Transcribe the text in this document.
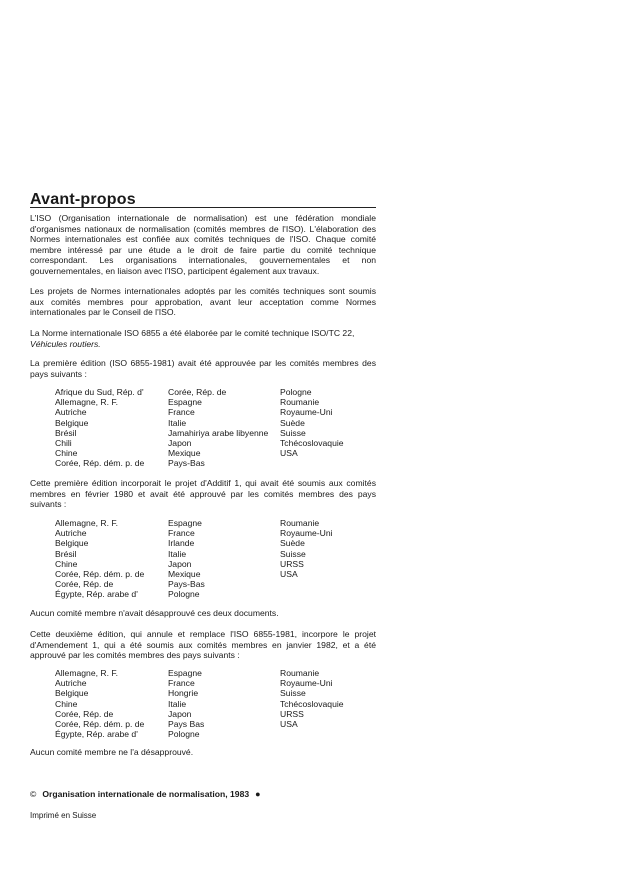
Avant-propos

L'ISO (Organisation internationale de normalisation) est une fédération mondiale d'organismes nationaux de normalisation (comités membres de l'ISO). L'élaboration des Normes internationales est confiée aux comités techniques de l'ISO. Chaque comité membre intéressé par une étude a le droit de faire partie du comité technique correspondant. Les organisations internationales, gouvernementales et non gouvernementales, en liaison avec l'ISO, participent également aux travaux.

Les projets de Normes internationales adoptés par les comités techniques sont soumis aux comités membres pour approbation, avant leur acceptation comme Normes internationales par le Conseil de l'ISO.

La Norme internationale ISO 6855 a été élaborée par le comité technique ISO/TC 22,
Véhicules routiers.

La première édition (ISO 6855-1981) avait été approuvée par les comités membres des pays suivants :

Afrique du Sud, Rép. d'	Corée, Rép. de	Pologne
Allemagne, R. F.	Espagne	Roumanie
Autriche	France	Royaume-Uni
Belgique	Italie	Suède
Brésil	Jamahiriya arabe libyenne	Suisse
Chili	Japon	Tchécoslovaquie
Chine	Mexique	USA
Corée, Rép. dém. p. de	Pays-Bas

Cette première édition incorporait le projet d'Additif 1, qui avait été soumis aux comités membres en février 1980 et avait été approuvé par les comités membres des pays suivants :

Allemagne, R. F.	Espagne	Roumanie
Autriche	France	Royaume-Uni
Belgique	Irlande	Suède
Brésil	Italie	Suisse
Chine	Japon	URSS
Corée, Rép. dém. p. de	Mexique	USA
Corée, Rép. de	Pays-Bas
Égypte, Rép. arabe d'	Pologne

Aucun comité membre n'avait désapprouvé ces deux documents.

Cette deuxième édition, qui annule et remplace l'ISO 6855-1981, incorpore le projet d'Amendement 1, qui a été soumis aux comités membres en janvier 1982, et a été approuvé par les comités membres des pays suivants :

Allemagne, R. F.	Espagne	Roumanie
Autriche	France	Royaume-Uni
Belgique	Hongrie	Suisse
Chine	Italie	Tchécoslovaquie
Corée, Rép. de	Japon	URSS
Corée, Rép. dém. p. de	Pays Bas	USA
Égypte, Rép. arabe d'	Pologne

Aucun comité membre ne l'a désapprouvé.

© Organisation internationale de normalisation, 1983 ●
Imprimé en Suisse
